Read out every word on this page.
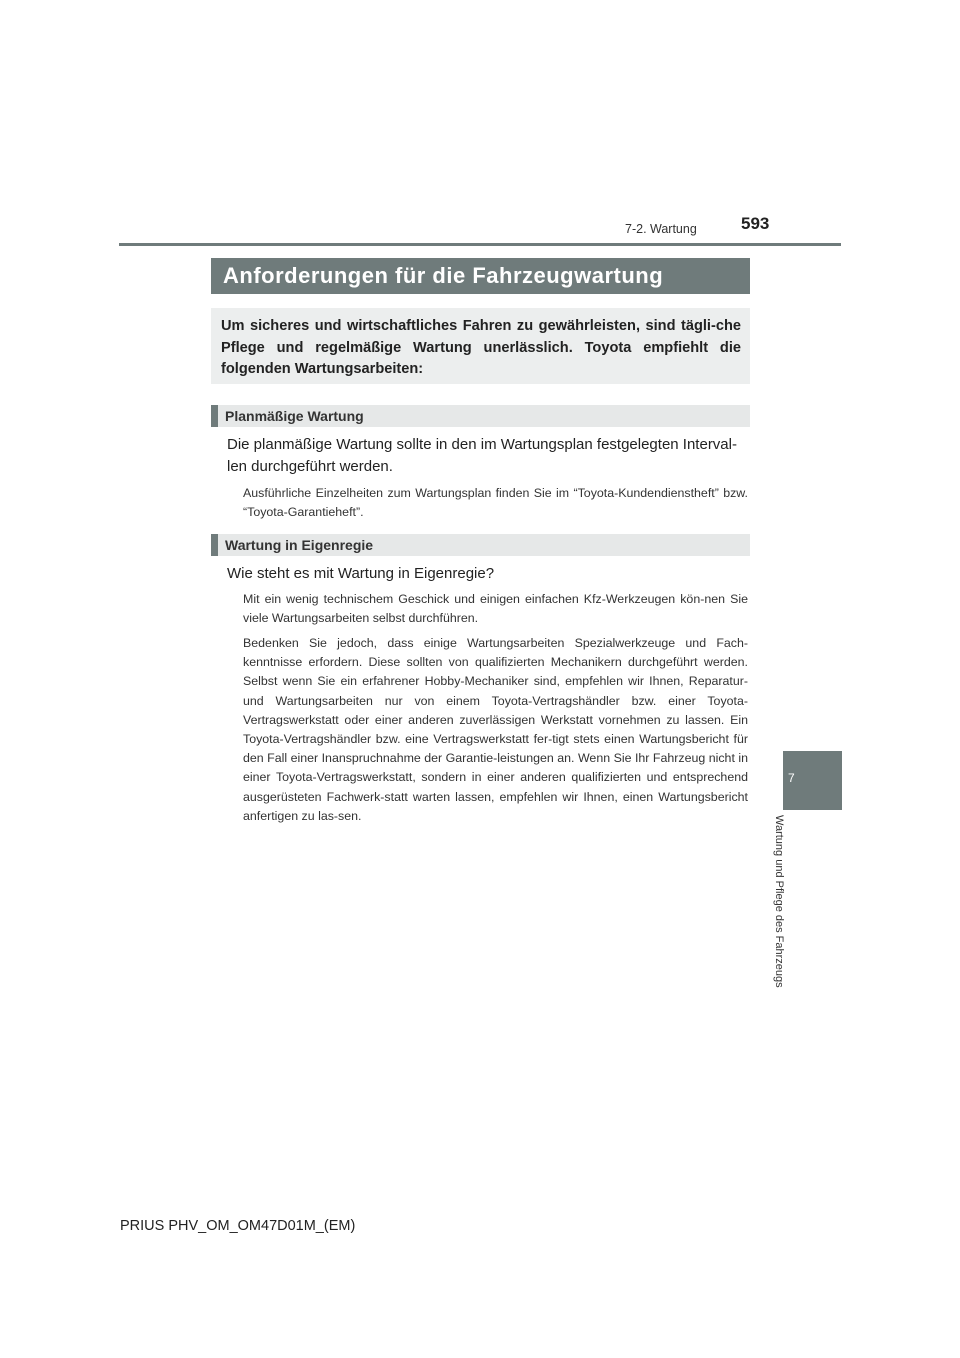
7-2. Wartung	593
7
Wartung und Pflege des Fahrzeugs
Anforderungen für die Fahrzeugwartung

Um sicheres und wirtschaftliches Fahren zu gewährleisten, sind tägli-che Pflege und regelmäßige Wartung unerlässlich. Toyota empfiehlt die folgenden Wartungsarbeiten:

Planmäßige Wartung

Die planmäßige Wartung sollte in den im Wartungsplan festgelegten Interval-len durchgeführt werden.

Ausführliche Einzelheiten zum Wartungsplan finden Sie im “Toyota-Kundendienstheft” bzw. “Toyota-Garantieheft”.

Wartung in Eigenregie

Wie steht es mit Wartung in Eigenregie?

Mit ein wenig technischem Geschick und einigen einfachen Kfz-Werkzeugen kön-nen Sie viele Wartungsarbeiten selbst durchführen.

Bedenken Sie jedoch, dass einige Wartungsarbeiten Spezialwerkzeuge und Fach-kenntnisse erfordern. Diese sollten von qualifizierten Mechanikern durchgeführt werden. Selbst wenn Sie ein erfahrener Hobby-Mechaniker sind, empfehlen wir Ihnen, Reparatur- und Wartungsarbeiten nur von einem Toyota-Vertragshändler bzw. einer Toyota-Vertragswerkstatt oder einer anderen zuverlässigen Werkstatt vornehmen zu lassen. Ein Toyota-Vertragshändler bzw. eine Vertragswerkstatt fer-tigt stets einen Wartungsbericht für den Fall einer Inanspruchnahme der Garantie-leistungen an. Wenn Sie Ihr Fahrzeug nicht in einer Toyota-Vertragswerkstatt, sondern in einer anderen qualifizierten und entsprechend ausgerüsteten Fachwerk-statt warten lassen, empfehlen wir Ihnen, einen Wartungsbericht anfertigen zu las-sen.

PRIUS PHV_OM_OM47D01M_(EM)
